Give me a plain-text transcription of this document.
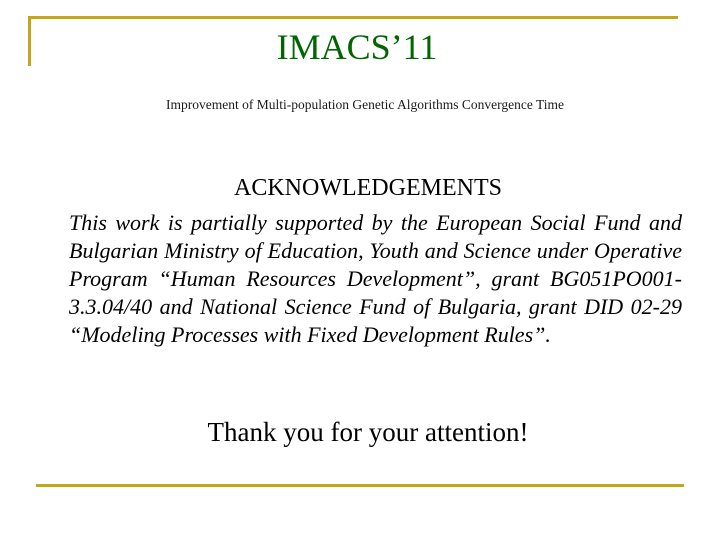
IMACS’11
Improvement of Multi-population Genetic Algorithms Convergence Time
ACKNOWLEDGEMENTS
This work is partially supported by the European Social Fund and Bulgarian Ministry of Education, Youth and Science under Operative Program “Human Resources Development”, grant BG051PO001-3.3.04/40 and National Science Fund of Bulgaria, grant DID 02-29 “Modeling Processes with Fixed Development Rules”.
Thank you for your attention!
